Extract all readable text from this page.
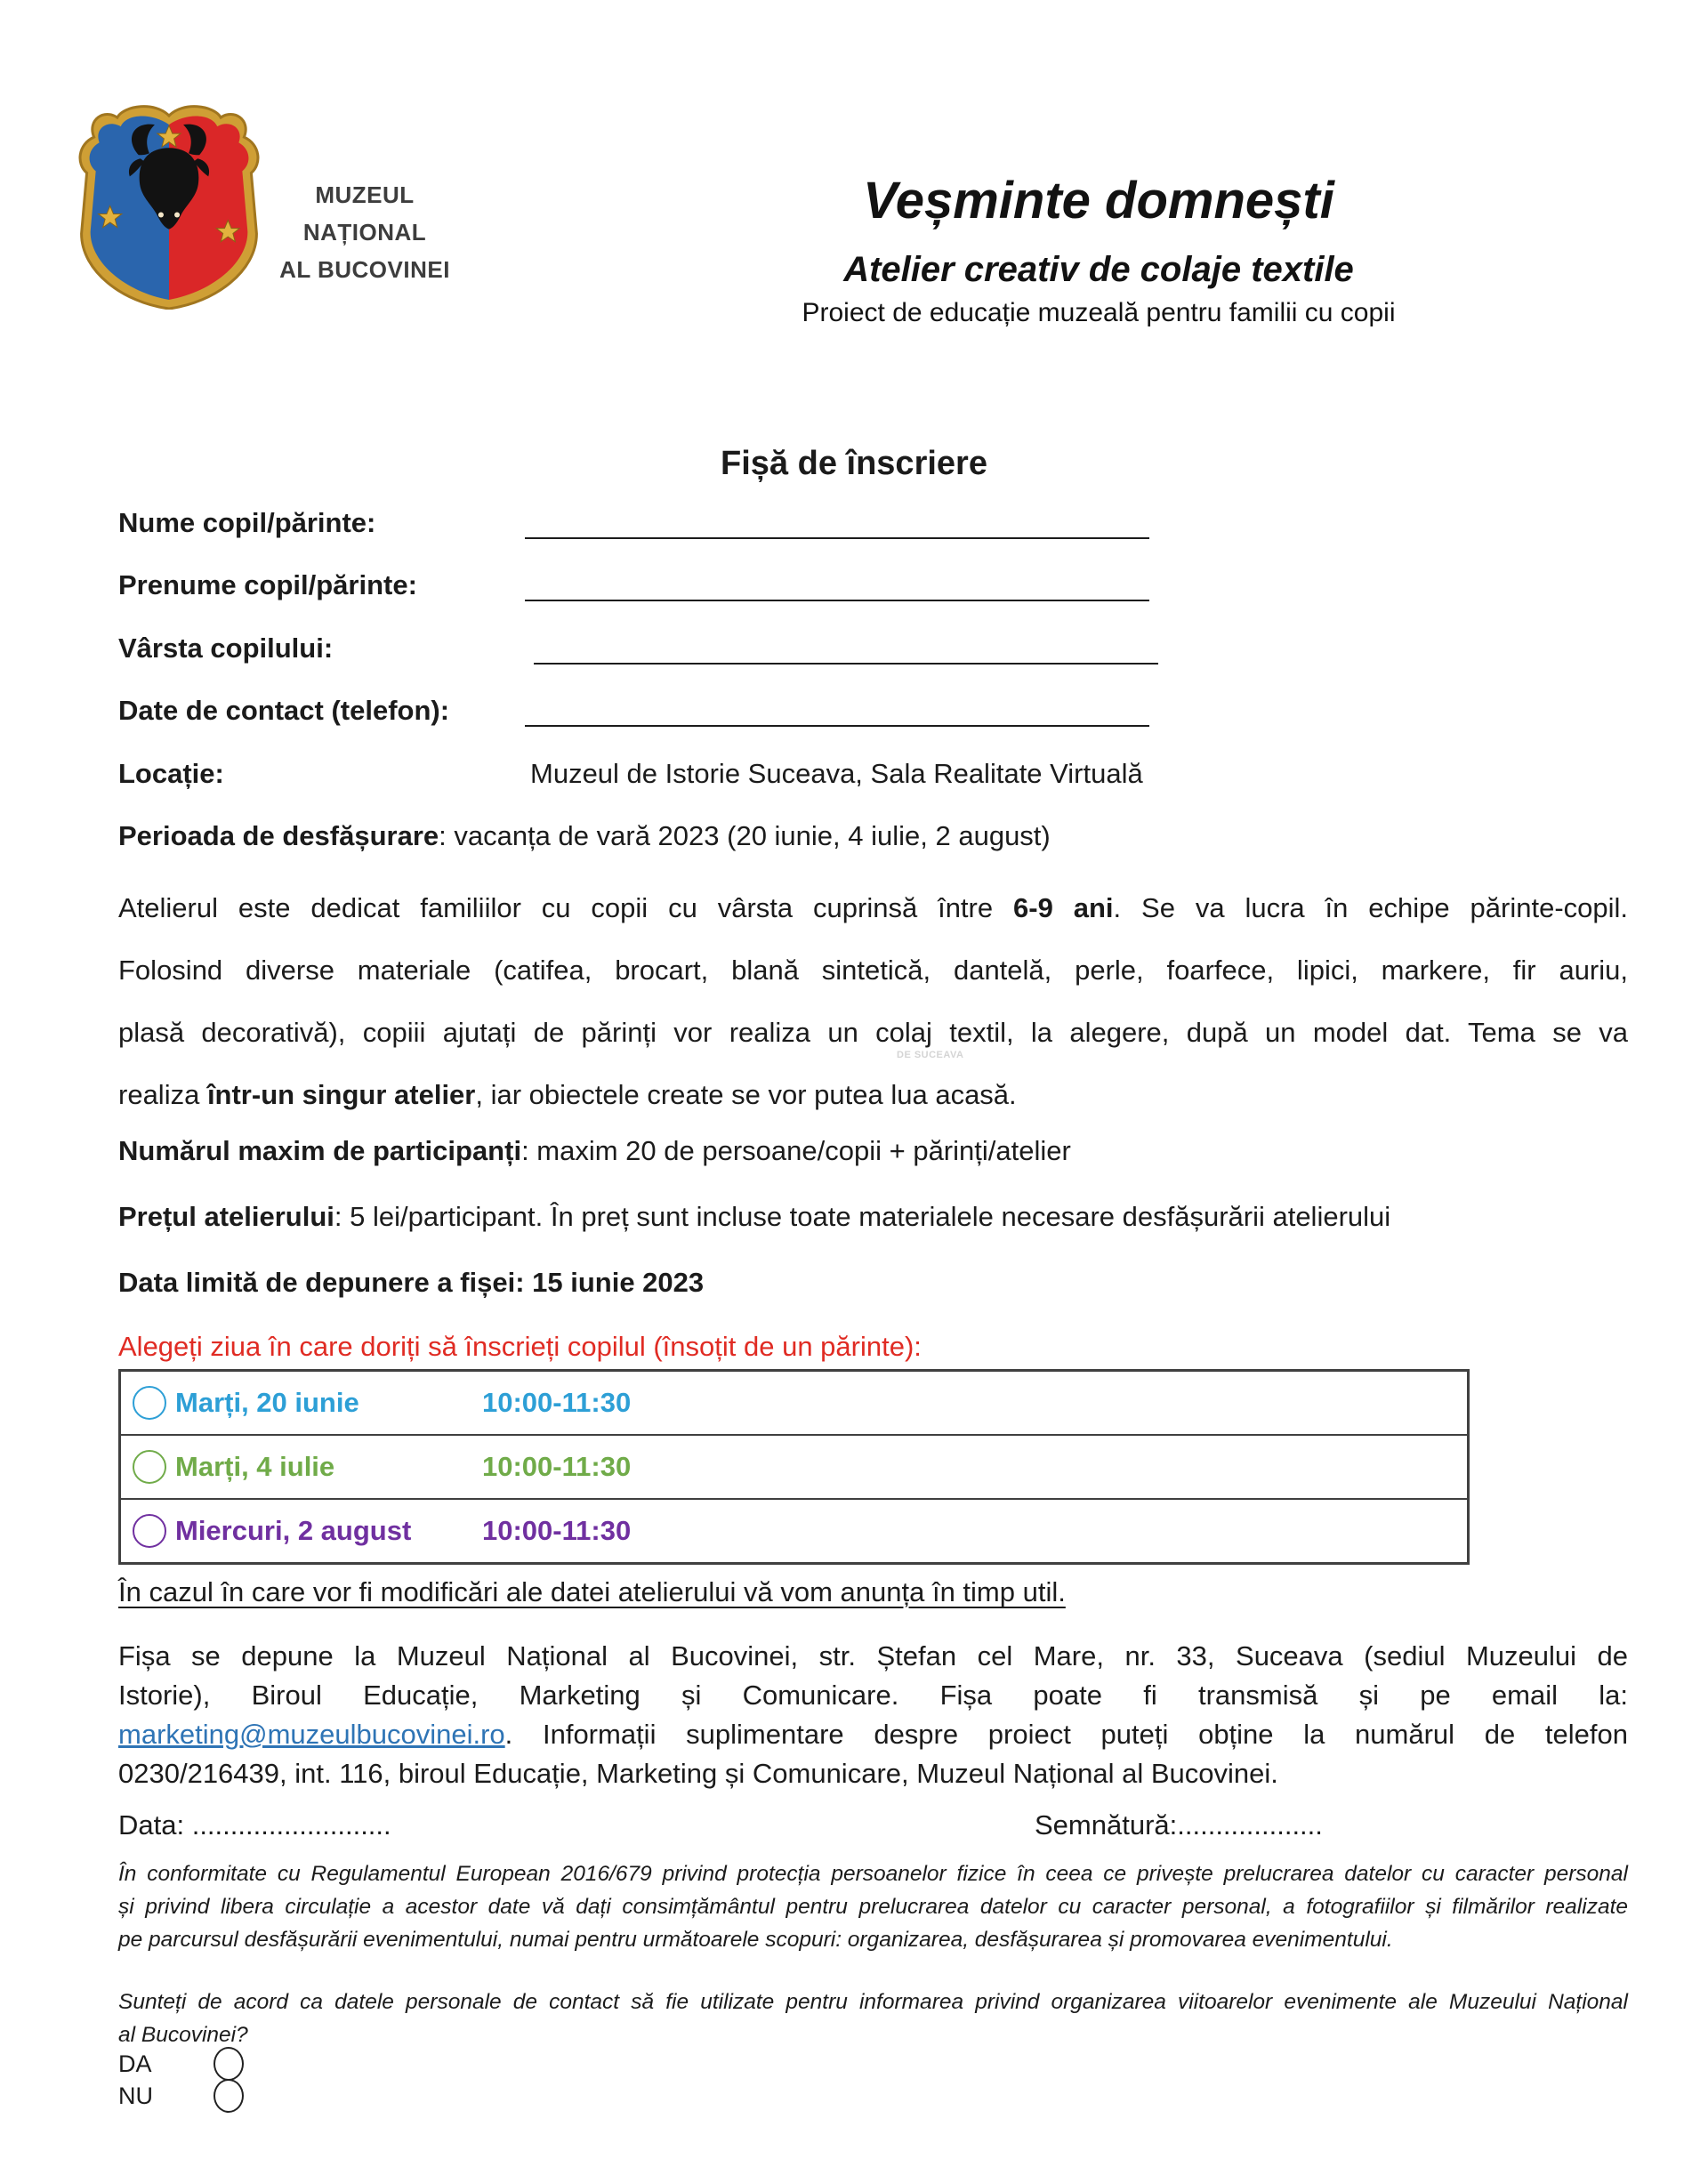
MUZEUL
NAȚIONAL
AL BUCOVINEI
Veșminte domnești
Atelier creativ de colaje textile
Proiect de educație muzeală pentru familii cu copii
Fișă de înscriere
Nume copil/părinte:
Prenume copil/părinte:
Vârsta copilului:
Date de contact (telefon):
Locație:	Muzeul de Istorie Suceava, Sala Realitate Virtuală
Perioada de desfășurare: vacanța de vară 2023 (20 iunie, 4 iulie, 2 august)
Atelierul este dedicat familiilor cu copii cu vârsta cuprinsă între 6-9 ani. Se va lucra în echipe părinte-copil.
Folosind diverse materiale (catifea, brocart, blană sintetică, dantelă, perle, foarfece, lipici, markere, fir auriu,
plasă decorativă), copiii ajutați de părinți vor realiza un colaj textil, la alegere, după un model dat. Tema se va
realiza într-un singur atelier, iar obiectele create se vor putea lua acasă.
Numărul maxim de participanți: maxim 20 de persoane/copii + părinți/atelier
Prețul atelierului: 5 lei/participant. În preț sunt incluse toate materialele necesare desfășurării atelierului
Data limită de depunere a fișei: 15 iunie 2023
Alegeți ziua în care doriți să înscrieți copilul (însoțit de un părinte):
Marți, 20 iunie	10:00-11:30
Marți, 4 iulie	10:00-11:30
Miercuri, 2 august	10:00-11:30
În cazul în care vor fi modificări ale datei atelierului vă vom anunța în timp util.
Fișa se depune la Muzeul Național al Bucovinei, str. Ștefan cel Mare, nr. 33, Suceava (sediul Muzeului de
Istorie), Biroul Educație, Marketing și Comunicare. Fișa poate fi transmisă și pe email la:
marketing@muzeulbucovinei.ro. Informații suplimentare despre proiect puteți obține la numărul de telefon
0230/216439, int. 116, biroul Educație, Marketing și Comunicare, Muzeul Național al Bucovinei.
Data: ..........................	Semnătură:...................
În conformitate cu Regulamentul European 2016/679 privind protecția persoanelor fizice în ceea ce privește prelucrarea datelor cu caracter personal
și privind libera circulație a acestor date vă dați consimțământul pentru prelucrarea datelor cu caracter personal, a fotografiilor și filmărilor realizate
pe parcursul desfășurării evenimentului, numai pentru următoarele scopuri: organizarea, desfășurarea și promovarea evenimentului.
Sunteți de acord ca datele personale de contact să fie utilizate pentru informarea privind organizarea viitoarelor evenimente ale Muzeului Național
al Bucovinei?
DA
NU
DE SUCEAVA
